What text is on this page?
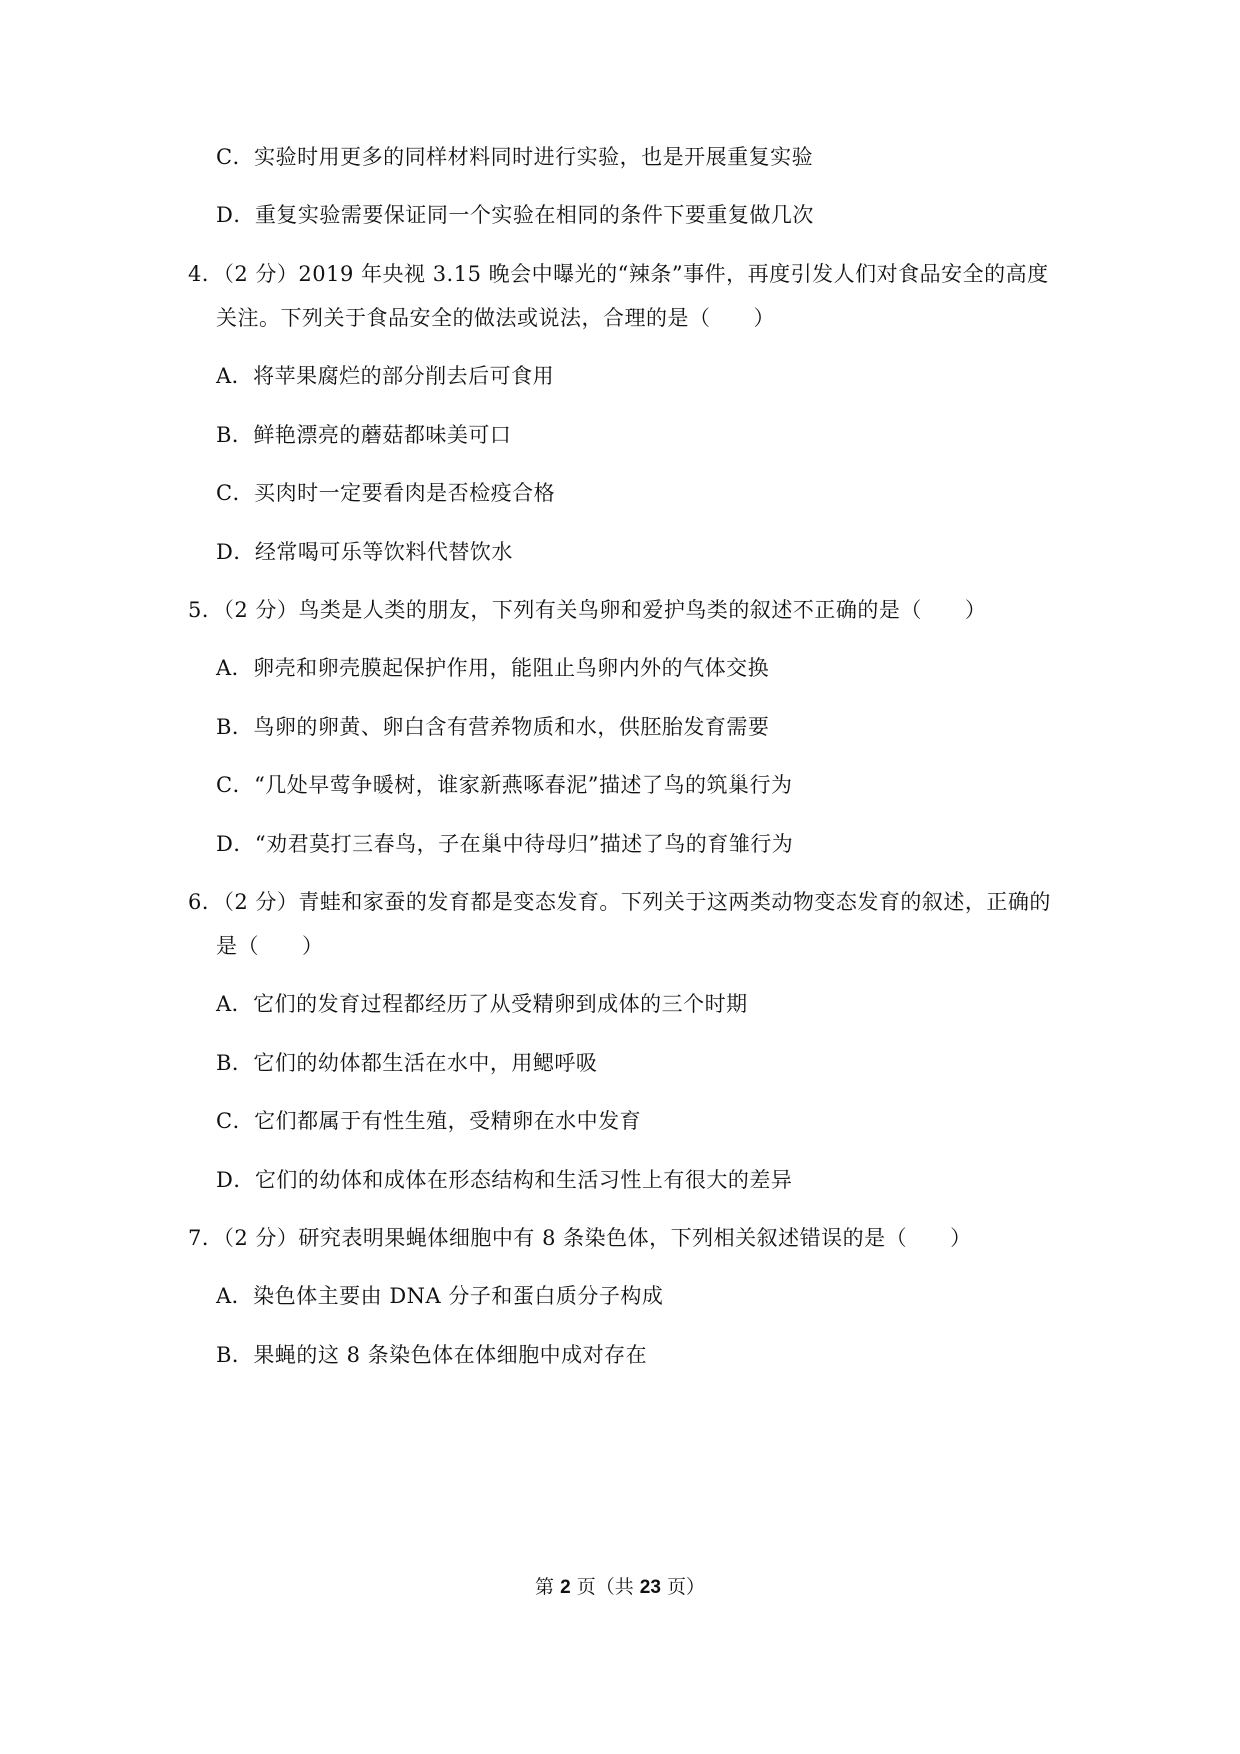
C．实验时用更多的同样材料同时进行实验，也是开展重复实验
D．重复实验需要保证同一个实验在相同的条件下要重复做几次
4．（2 分）2019 年央视 3.15 晚会中曝光的“辣条”事件，再度引发人们对食品安全的高度
关注。下列关于食品安全的做法或说法，合理的是（　　）
A．将苹果腐烂的部分削去后可食用
B．鲜艳漂亮的蘑菇都味美可口
C．买肉时一定要看肉是否检疫合格
D．经常喝可乐等饮料代替饮水
5．（2 分）鸟类是人类的朋友，下列有关鸟卵和爱护鸟类的叙述不正确的是（　　）
A．卵壳和卵壳膜起保护作用，能阻止鸟卵内外的气体交换
B．鸟卵的卵黄、卵白含有营养物质和水，供胚胎发育需要
C．“几处早莺争暖树，谁家新燕啄春泥”描述了鸟的筑巢行为
D．“劝君莫打三春鸟，子在巢中待母归”描述了鸟的育雏行为
6．（2 分）青蛙和家蚕的发育都是变态发育。下列关于这两类动物变态发育的叙述，正确的
是（　　）
A．它们的发育过程都经历了从受精卵到成体的三个时期
B．它们的幼体都生活在水中，用鳃呼吸
C．它们都属于有性生殖，受精卵在水中发育
D．它们的幼体和成体在形态结构和生活习性上有很大的差异
7．（2 分）研究表明果蝇体细胞中有 8 条染色体，下列相关叙述错误的是（　　）
A．染色体主要由 DNA 分子和蛋白质分子构成
B．果蝇的这 8 条染色体在体细胞中成对存在
第 2 页（共 23 页）
